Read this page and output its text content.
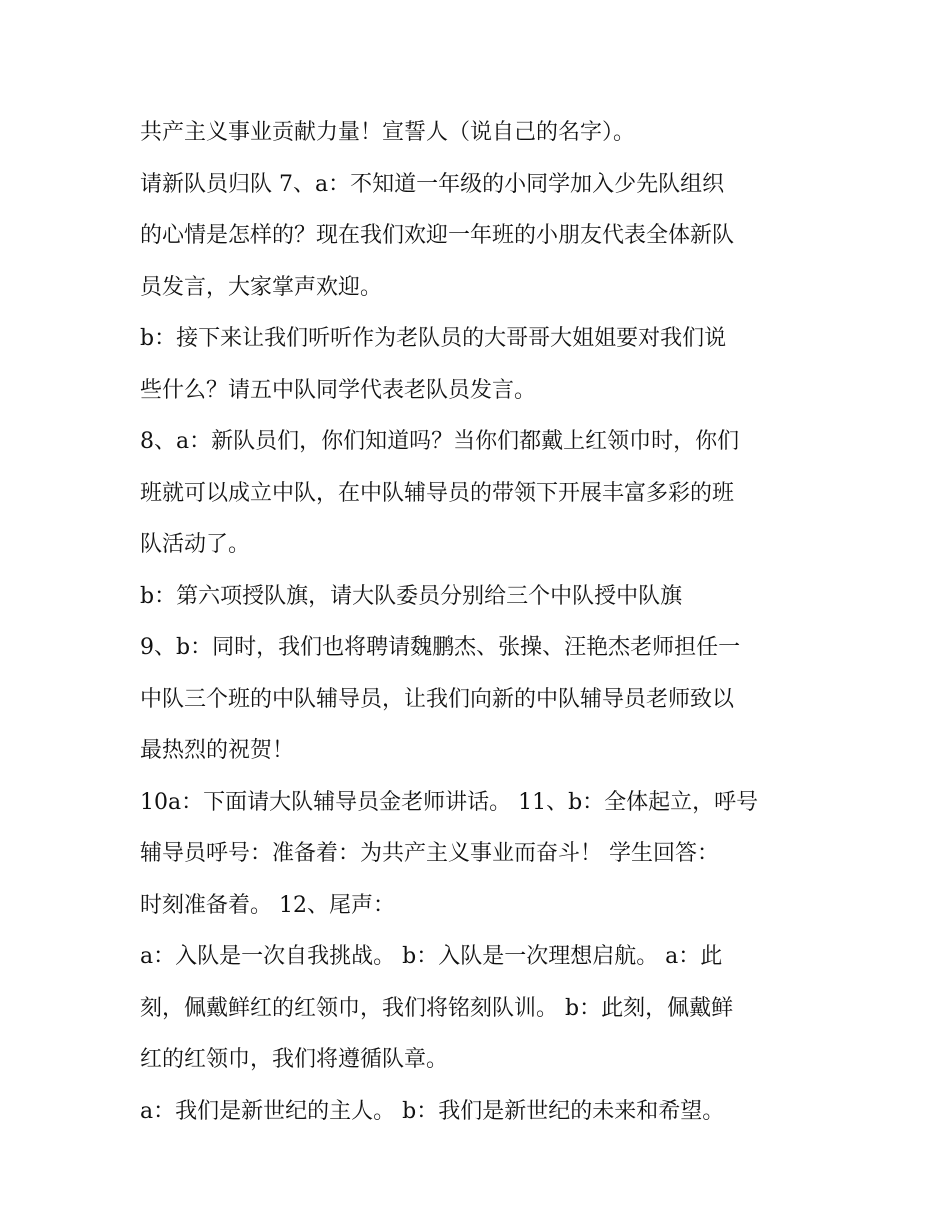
共产主义事业贡献力量！宣誓人（说自己的名字）。
请新队员归队 7、a：不知道一年级的小同学加入少先队组织
的心情是怎样的？现在我们欢迎一年班的小朋友代表全体新队
员发言，大家掌声欢迎。
b：接下来让我们听听作为老队员的大哥哥大姐姐要对我们说
些什么？请五中队同学代表老队员发言。
8、a：新队员们，你们知道吗？当你们都戴上红领巾时，你们
班就可以成立中队，在中队辅导员的带领下开展丰富多彩的班
队活动了。
b：第六项授队旗，请大队委员分别给三个中队授中队旗
9、b：同时，我们也将聘请魏鹏杰、张操、汪艳杰老师担任一
中队三个班的中队辅导员，让我们向新的中队辅导员老师致以
最热烈的祝贺！
10a：下面请大队辅导员金老师讲话。 11、b：全体起立，呼号
辅导员呼号：准备着：为共产主义事业而奋斗！ 学生回答：
时刻准备着。 12、尾声：
a：入队是一次自我挑战。 b：入队是一次理想启航。 a：此
刻，佩戴鲜红的红领巾，我们将铭刻队训。 b：此刻，佩戴鲜
红的红领巾，我们将遵循队章。
a：我们是新世纪的主人。 b：我们是新世纪的未来和希望。
